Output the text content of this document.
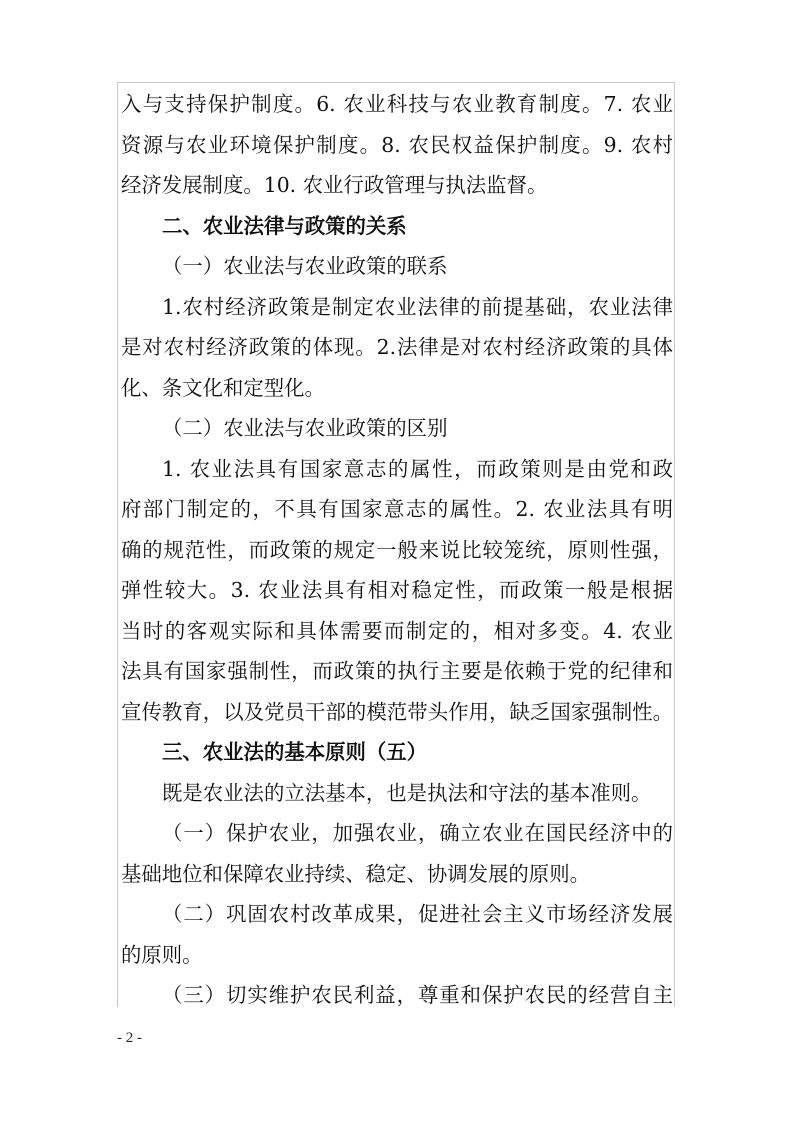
入与支持保护制度。6. 农业科技与农业教育制度。7. 农业
资源与农业环境保护制度。8. 农民权益保护制度。9. 农村
经济发展制度。10. 农业行政管理与执法监督。
二、农业法律与政策的关系
（一）农业法与农业政策的联系
1.农村经济政策是制定农业法律的前提基础，农业法律
是对农村经济政策的体现。2.法律是对农村经济政策的具体
化、条文化和定型化。
（二）农业法与农业政策的区别
1. 农业法具有国家意志的属性，而政策则是由党和政
府部门制定的，不具有国家意志的属性。2. 农业法具有明
确的规范性，而政策的规定一般来说比较笼统，原则性强，
弹性较大。3. 农业法具有相对稳定性，而政策一般是根据
当时的客观实际和具体需要而制定的，相对多变。4. 农业
法具有国家强制性，而政策的执行主要是依赖于党的纪律和
宣传教育，以及党员干部的模范带头作用，缺乏国家强制性。
三、农业法的基本原则（五）
既是农业法的立法基本，也是执法和守法的基本准则。
（一）保护农业，加强农业，确立农业在国民经济中的
基础地位和保障农业持续、稳定、协调发展的原则。
（二）巩固农村改革成果，促进社会主义市场经济发展
的原则。
（三）切实维护农民利益，尊重和保护农民的经营自主
- 2 -
